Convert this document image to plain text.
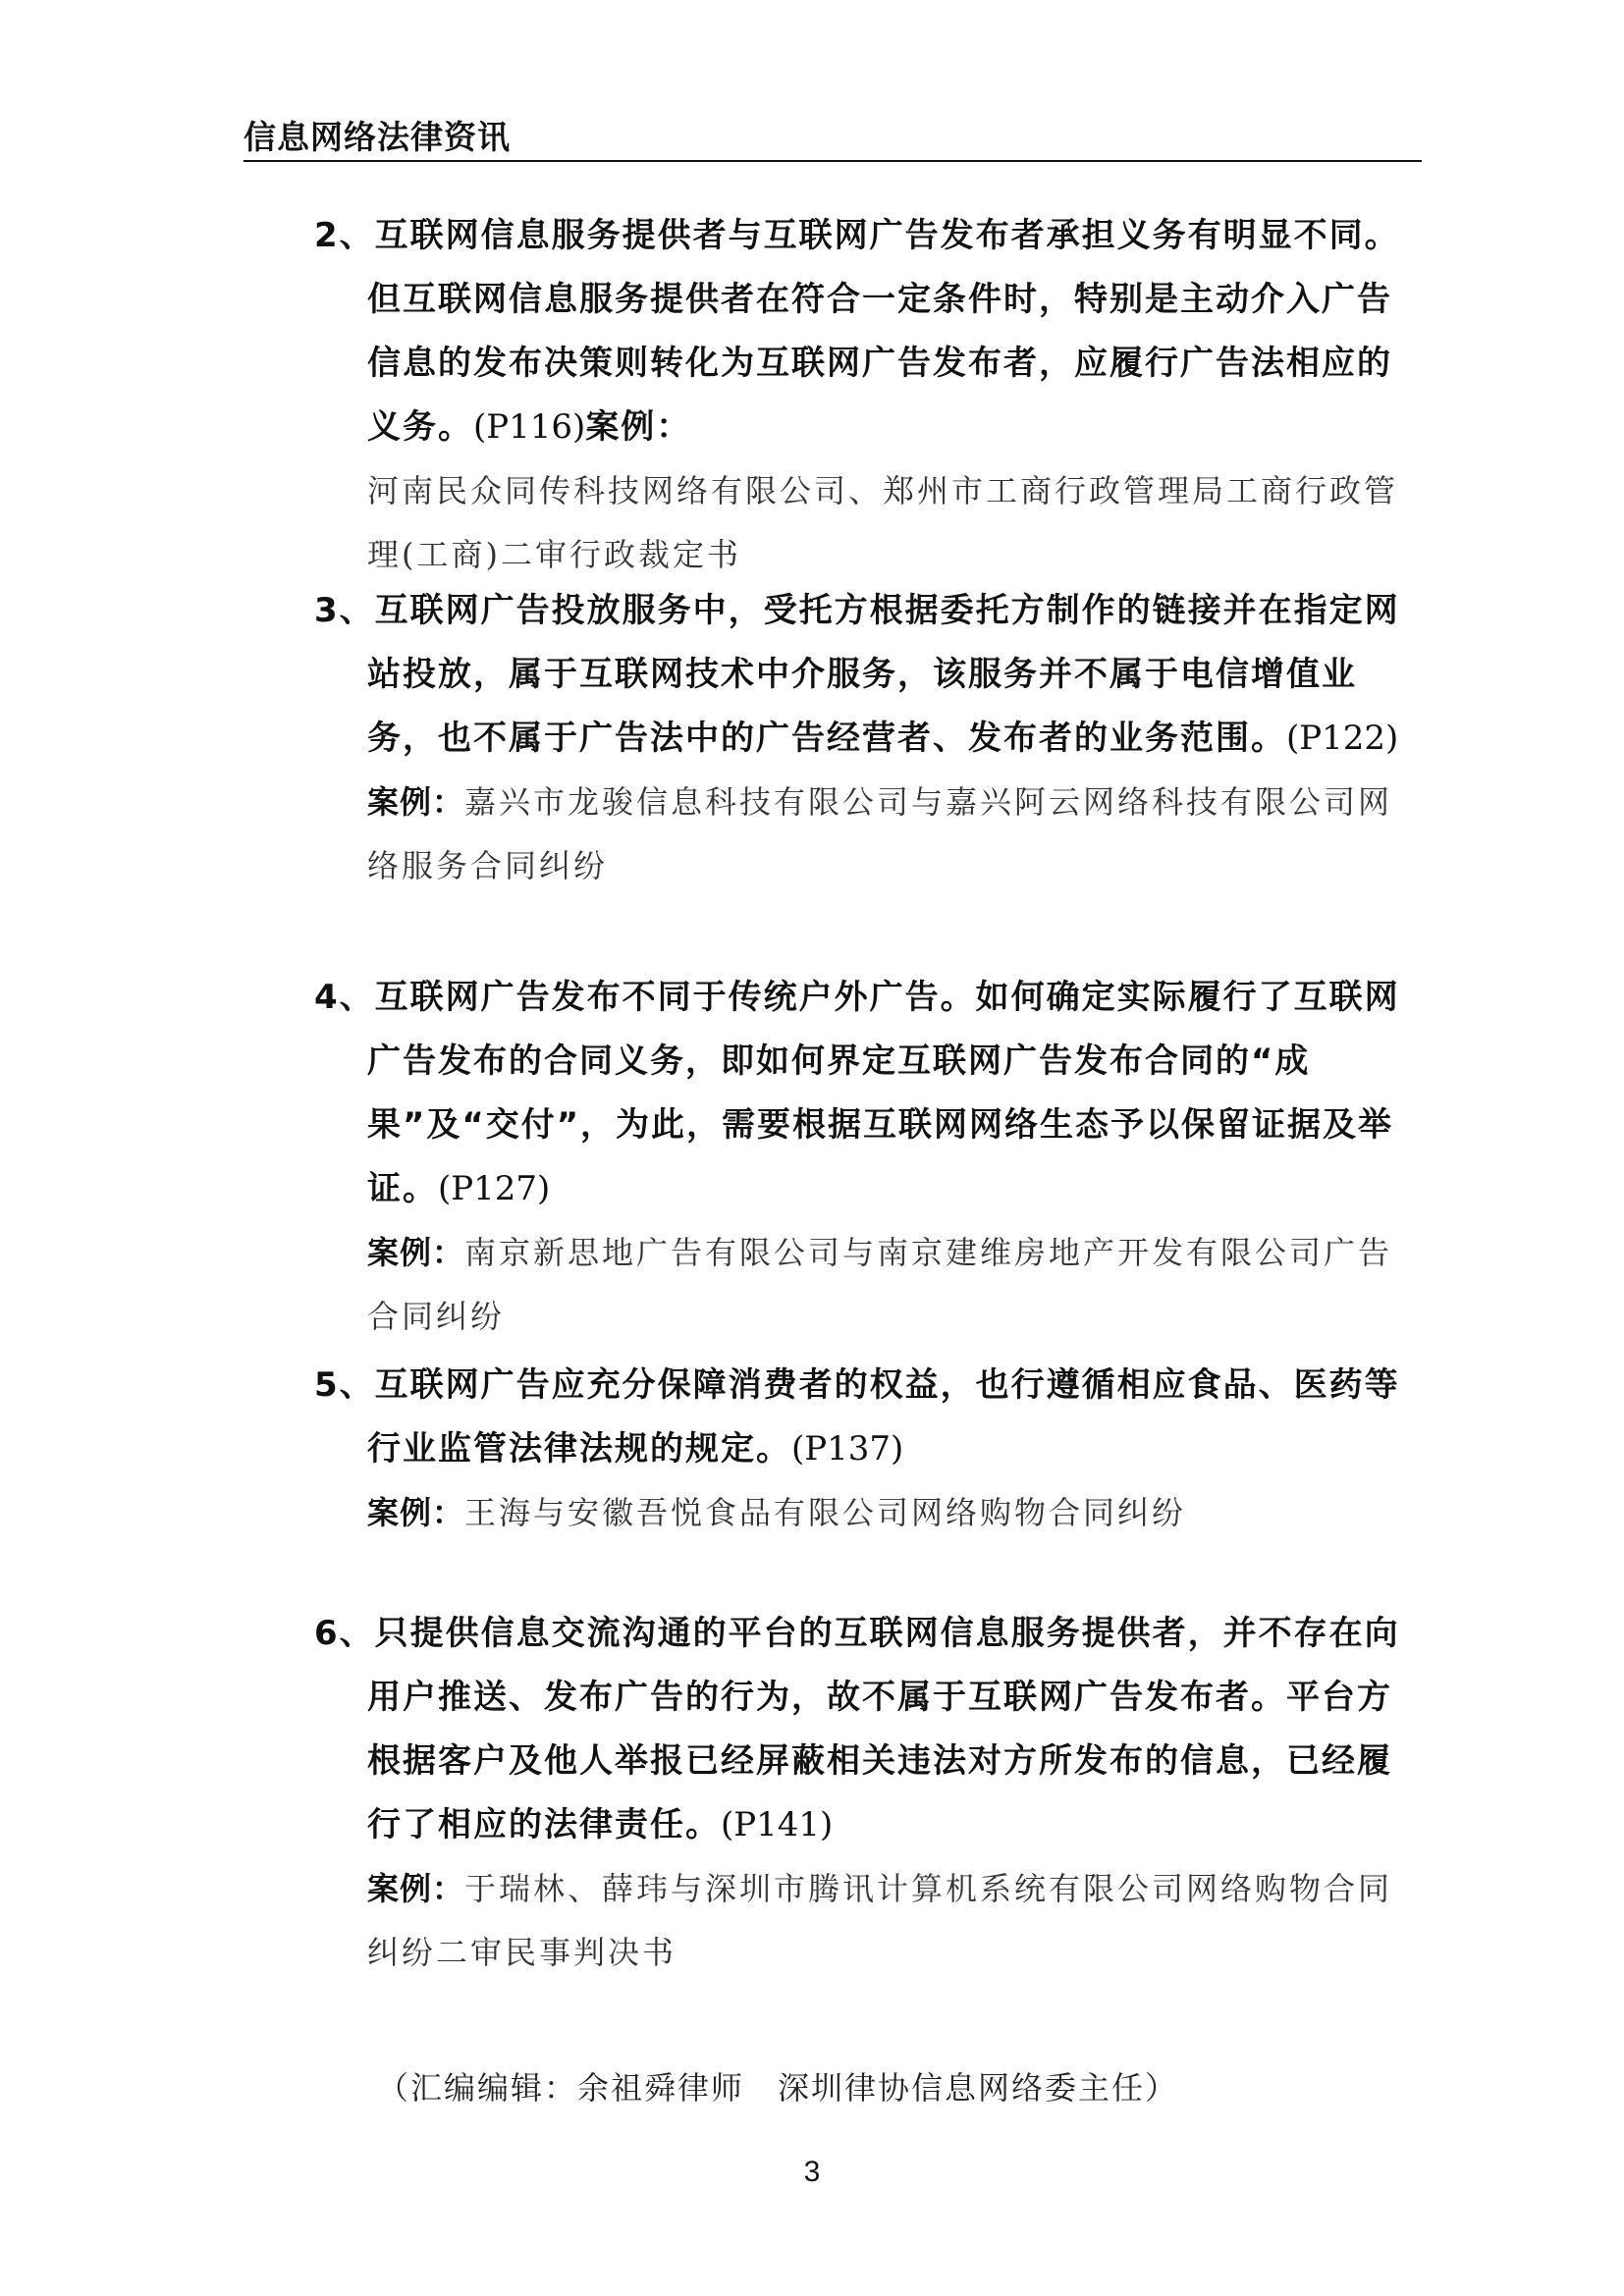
信息网络法律资讯

2、互联网信息服务提供者与互联网广告发布者承担义务有明显不同。但互联网信息服务提供者在符合一定条件时，特别是主动介入广告信息的发布决策则转化为互联网广告发布者，应履行广告法相应的义务。(P116)案例：

河南民众同传科技网络有限公司、郑州市工商行政管理局工商行政管理(工商)二审行政裁定书

3、互联网广告投放服务中，受托方根据委托方制作的链接并在指定网站投放，属于互联网技术中介服务，该服务并不属于电信增值业务，也不属于广告法中的广告经营者、发布者的业务范围。(P122)

案例：嘉兴市龙骏信息科技有限公司与嘉兴阿云网络科技有限公司网络服务合同纠纷

4、互联网广告发布不同于传统户外广告。如何确定实际履行了互联网广告发布的合同义务，即如何界定互联网广告发布合同的“成果”及“交付”，为此，需要根据互联网网络生态予以保留证据及举证。(P127)

案例：南京新思地广告有限公司与南京建维房地产开发有限公司广告合同纠纷

5、互联网广告应充分保障消费者的权益，也行遵循相应食品、医药等行业监管法律法规的规定。(P137)

案例：王海与安徽吾悦食品有限公司网络购物合同纠纷

6、只提供信息交流沟通的平台的互联网信息服务提供者，并不存在向用户推送、发布广告的行为，故不属于互联网广告发布者。平台方根据客户及他人举报已经屏蔽相关违法对方所发布的信息，已经履行了相应的法律责任。(P141)

案例：于瑞林、薛玮与深圳市腾讯计算机系统有限公司网络购物合同纠纷二审民事判决书

（汇编编辑：余祖舜律师　深圳律协信息网络委主任）
3
